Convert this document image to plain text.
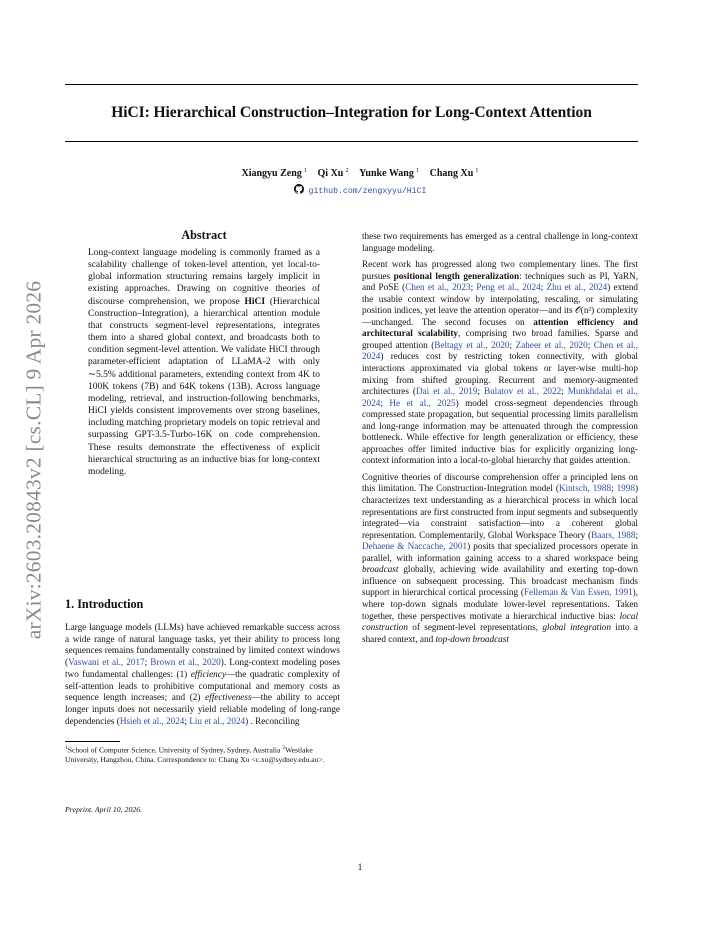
HiCI: Hierarchical Construction–Integration for Long-Context Attention
arXiv:2603.20843v2 [cs.CL] 9 Apr 2026
Xiangyu Zeng $^1$ Qi Xu $^2$ Yunke Wang $^1$ Chang Xu $^1$
github.com/zengxyyu/HiCI
Abstract
Long-context language modeling is commonly framed as a scalability challenge of token-level attention, yet local-to-global information structuring remains largely implicit in existing approaches. Drawing on cognitive theories of discourse comprehension, we propose HiCI (Hierarchical Construction–Integration), a hierarchical attention module that constructs segment-level representations, integrates them into a shared global context, and broadcasts both to condition segment-level attention. We validate HiCI through parameter-efficient adaptation of LLaMA-2 with only ∼5.5% additional parameters, extending context from 4K to 100K tokens (7B) and 64K tokens (13B). Across language modeling, retrieval, and instruction-following benchmarks, HiCI yields consistent improvements over strong baselines, including matching proprietary models on topic retrieval and surpassing GPT-3.5-Turbo-16K on code comprehension. These results demonstrate the effectiveness of explicit hierarchical structuring as an inductive bias for long-context modeling.
1. Introduction
Large language models (LLMs) have achieved remarkable success across a wide range of natural language tasks, yet their ability to process long sequences remains fundamentally constrained by limited context windows (Vaswani et al., 2017; Brown et al., 2020). Long-context modeling poses two fundamental challenges: (1) efficiency—the quadratic complexity of self-attention leads to prohibitive computational and memory costs as sequence length increases; and (2) effectiveness—the ability to accept longer inputs does not necessarily yield reliable modeling of long-range dependencies (Hsieh et al., 2024; Liu et al., 2024) . Reconciling
$^1$School of Computer Science, University of Sydney, Sydney, Australia $^2$Westlake University, Hangzhou, China. Correspondence to: Chang Xu <c.xu@sydney.edu.au>.
Preprint. April 10, 2026.

these two requirements has emerged as a central challenge in long-context language modeling.

Recent work has progressed along two complementary lines. The first pursues positional length generalization: techniques such as PI, YaRN, and PoSE (Chen et al., 2023; Peng et al., 2024; Zhu et al., 2024) extend the usable context window by interpolating, rescaling, or simulating position indices, yet leave the attention operator—and its 𝒪(n²) complexity—unchanged. The second focuses on attention efficiency and architectural scalability, comprising two broad families. Sparse and grouped attention (Beltagy et al., 2020; Zaheer et al., 2020; Chen et al., 2024) reduces cost by restricting token connectivity, with global interactions approximated via global tokens or layer-wise multi-hop mixing from shifted grouping. Recurrent and memory-augmented architectures (Dai et al., 2019; Bulatov et al., 2022; Munkhdalai et al., 2024; He et al., 2025) model cross-segment dependencies through compressed state propagation, but sequential processing limits parallelism and long-range information may be attenuated through the compression bottleneck. While effective for length generalization or efficiency, these approaches offer limited inductive bias for explicitly organizing long-context information into a local-to-global hierarchy that guides attention.

Cognitive theories of discourse comprehension offer a principled lens on this limitation. The Construction-Integration model (Kintsch, 1988; 1998) characterizes text understanding as a hierarchical process in which local representations are first constructed from input segments and subsequently integrated—via constraint satisfaction—into a coherent global representation. Complementarily, Global Workspace Theory (Baars, 1988; Dehaene & Naccache, 2001) posits that specialized processors operate in parallel, with information gaining access to a shared workspace being broadcast globally, achieving wide availability and exerting top-down influence on subsequent processing. This broadcast mechanism finds support in hierarchical cortical processing (Felleman & Van Essen, 1991), where top-down signals modulate lower-level representations. Taken together, these perspectives motivate a hierarchical inductive bias: local construction of segment-level representations, global integration into a shared context, and top-down broadcast

1
